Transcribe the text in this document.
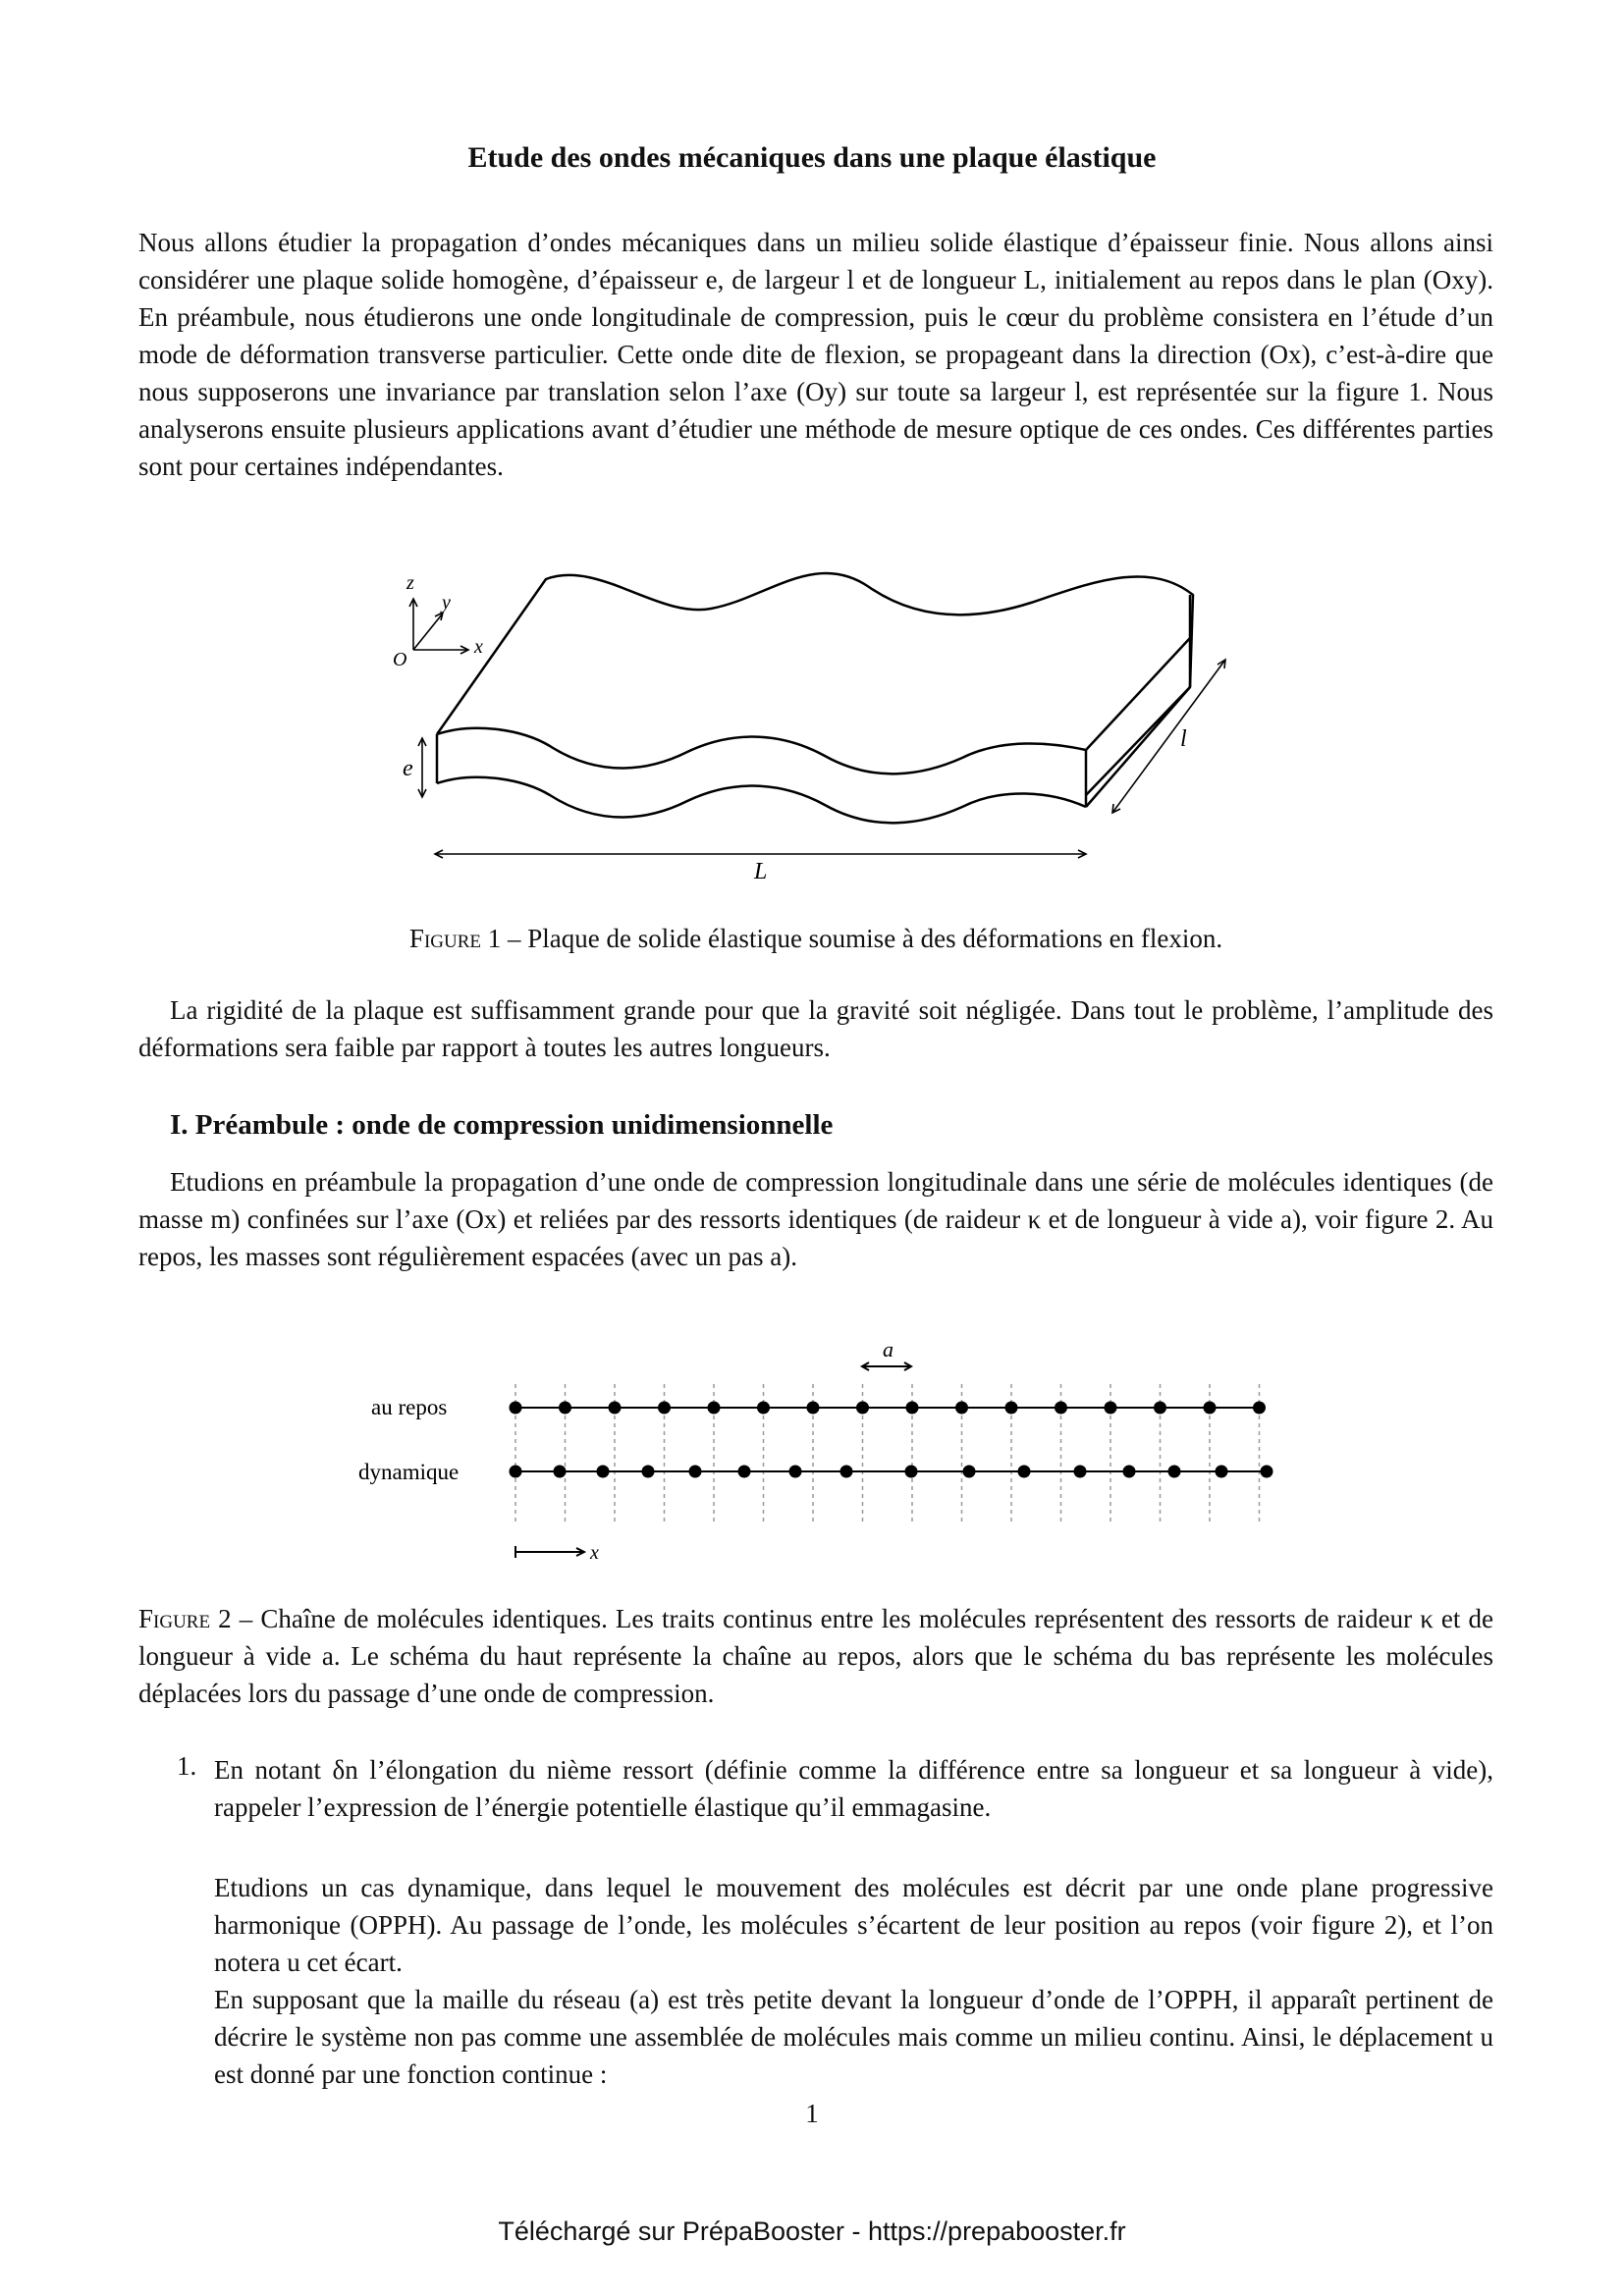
Etude des ondes mécaniques dans une plaque élastique

Nous allons étudier la propagation d’ondes mécaniques dans un milieu solide élastique d’épaisseur finie. Nous allons ainsi considérer une plaque solide homogène, d’épaisseur e, de largeur l et de longueur L, initialement au repos dans le plan (Oxy). En préambule, nous étudierons une onde longitudinale de compression, puis le cœur du problème consistera en l’étude d’un mode de déformation transverse particulier. Cette onde dite de flexion, se propageant dans la direction (Ox), c’est-à-dire que nous supposerons une invariance par translation selon l’axe (Oy) sur toute sa largeur l, est représentée sur la figure 1. Nous analyserons ensuite plusieurs applications avant d’étudier une méthode de mesure optique de ces ondes. Ces différentes parties sont pour certaines indépendantes.

z
y
O
x
e
l
L

Figure 1 – Plaque de solide élastique soumise à des déformations en flexion.

La rigidité de la plaque est suffisamment grande pour que la gravité soit négligée. Dans tout le problème, l’amplitude des déformations sera faible par rapport à toutes les autres longueurs.

I. Préambule : onde de compression unidimensionnelle

Etudions en préambule la propagation d’une onde de compression longitudinale dans une série de molécules identiques (de masse m) confinées sur l’axe (Ox) et reliées par des ressorts identiques (de raideur κ et de longueur à vide a), voir figure 2. Au repos, les masses sont régulièrement espacées (avec un pas a).

a
au repos
dynamique
x

Figure 2 – Chaîne de molécules identiques. Les traits continus entre les molécules représentent des ressorts de raideur κ et de longueur à vide a. Le schéma du haut représente la chaîne au repos, alors que le schéma du bas représente les molécules déplacées lors du passage d’une onde de compression.

1. En notant δn l’élongation du nième ressort (définie comme la différence entre sa longueur et sa longueur à vide), rappeler l’expression de l’énergie potentielle élastique qu’il emmagasine.

Etudions un cas dynamique, dans lequel le mouvement des molécules est décrit par une onde plane progressive harmonique (OPPH). Au passage de l’onde, les molécules s’écartent de leur position au repos (voir figure 2), et l’on notera u cet écart.

En supposant que la maille du réseau (a) est très petite devant la longueur d’onde de l’OPPH, il apparaît pertinent de décrire le système non pas comme une assemblée de molécules mais comme un milieu continu. Ainsi, le déplacement u est donné par une fonction continue :

1
Téléchargé sur PrépaBooster - https://prepabooster.fr
